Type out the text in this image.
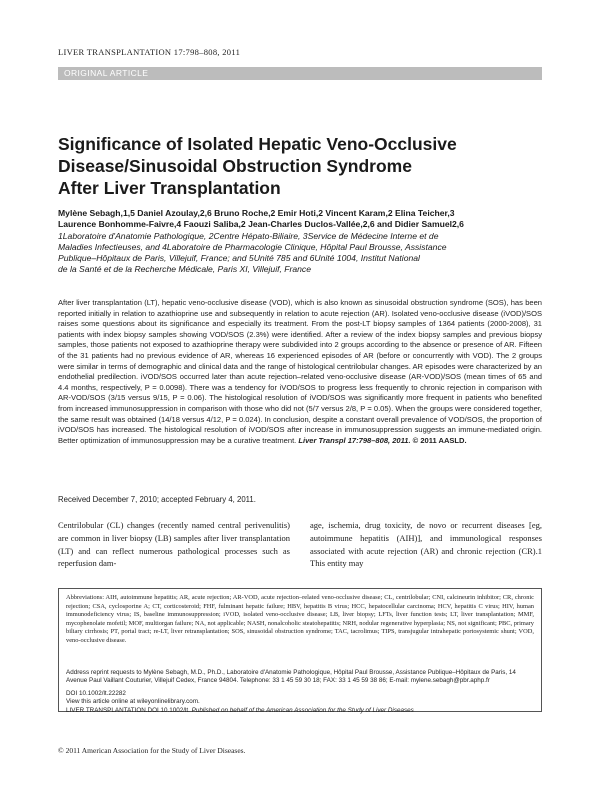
LIVER TRANSPLANTATION 17:798–808, 2011
ORIGINAL ARTICLE
Significance of Isolated Hepatic Veno-Occlusive
Disease/Sinusoidal Obstruction Syndrome
After Liver Transplantation
Mylène Sebagh,1,5 Daniel Azoulay,2,6 Bruno Roche,2 Emir Hoti,2 Vincent Karam,2 Elina Teicher,3
Laurence Bonhomme-Faivre,4 Faouzi Saliba,2 Jean-Charles Duclos-Vallée,2,6 and Didier Samuel2,6
1Laboratoire d'Anatomie Pathologique, 2Centre Hépato-Biliaire, 3Service de Médecine Interne et de
Maladies Infectieuses, and 4Laboratoire de Pharmacologie Clinique, Hôpital Paul Brousse, Assistance
Publique–Hôpitaux de Paris, Villejuif, France; and 5Unité 785 and 6Unité 1004, Institut National
de la Santé et de la Recherche Médicale, Paris XI, Villejuif, France
After liver transplantation (LT), hepatic veno-occlusive disease (VOD), which is also known as sinusoidal obstruction syndrome (SOS), has been reported initially in relation to azathioprine use and subsequently in relation to acute rejection (AR). Isolated veno-occlusive disease (iVOD)/SOS raises some questions about its significance and especially its treatment. From the post-LT biopsy samples of 1364 patients (2000-2008), 31 patients with index biopsy samples showing VOD/SOS (2.3%) were identified. After a review of the index biopsy samples and previous biopsy samples, those patients not exposed to azathioprine therapy were subdivided into 2 groups according to the absence or presence of AR. Fifteen of the 31 patients had no previous evidence of AR, whereas 16 experienced episodes of AR (before or concurrently with VOD). The 2 groups were similar in terms of demographic and clinical data and the range of histological centrilobular changes. AR episodes were characterized by an endothelial predilection. iVOD/SOS occurred later than acute rejection–related veno-occlusive disease (AR-VOD)/SOS (mean times of 65 and 4.4 months, respectively, P = 0.0098). There was a tendency for iVOD/SOS to progress less frequently to chronic rejection in comparison with AR-VOD/SOS (3/15 versus 9/15, P = 0.06). The histological resolution of iVOD/SOS was significantly more frequent in patients who benefited from increased immunosuppression in comparison with those who did not (5/7 versus 2/8, P = 0.05). When the groups were considered together, the same result was obtained (14/18 versus 4/12, P = 0.024). In conclusion, despite a constant overall prevalence of VOD/SOS, the proportion of iVOD/SOS has increased. The histological resolution of iVOD/SOS after increase in immunosuppression suggests an immune-mediated origin. Better optimization of immunosuppression may be a curative treatment. Liver Transpl 17:798–808, 2011. © 2011 AASLD.
Received December 7, 2010; accepted February 4, 2011.
Centrilobular (CL) changes (recently named central perivenulitis) are common in liver biopsy (LB) samples after liver transplantation (LT) and can reflect numerous pathological processes such as reperfusion dam-
age, ischemia, drug toxicity, de novo or recurrent diseases [eg, autoimmune hepatitis (AIH)], and immunological responses associated with acute rejection (AR) and chronic rejection (CR).1 This entity may
Abbreviations: AIH, autoimmune hepatitis; AR, acute rejection; AR-VOD, acute rejection–related veno-occlusive disease; CL, centrilobular; CNI, calcineurin inhibitor; CR, chronic rejection; CSA, cyclosporine A; CT, corticosteroid; FHF, fulminant hepatic failure; HBV, hepatitis B virus; HCC, hepatocellular carcinoma; HCV, hepatitis C virus; HIV, human immunodeficiency virus; IS, baseline immunosuppression; iVOD, isolated veno-occlusive disease; LB, liver biopsy; LFTs, liver function tests; LT, liver transplantation; MMF, mycophenolate mofetil; MOF, multiorgan failure; NA, not applicable; NASH, nonalcoholic steatohepatitis; NRH, nodular regenerative hyperplasia; NS, not significant; PBC, primary biliary cirrhosis; PT, portal tract; re-LT, liver retransplantation; SOS, sinusoidal obstruction syndrome; TAC, tacrolimus; TIPS, transjugular intrahepatic portosystemic shunt; VOD, veno-occlusive disease.
Address reprint requests to Mylène Sebagh, M.D., Ph.D., Laboratoire d'Anatomie Pathologique, Hôpital Paul Brousse, Assistance Publique–Hôpitaux de Paris, 14 Avenue Paul Vaillant Couturier, Villejuif Cedex, France 94804. Telephone: 33 1 45 59 30 18; FAX: 33 1 45 59 38 86; E-mail: mylene.sebagh@pbr.aphp.fr
DOI 10.1002/lt.22282
View this article online at wileyonlinelibrary.com.
LIVER TRANSPLANTATION.DOI 10.1002/lt. Published on behalf of the American Association for the Study of Liver Diseases
© 2011 American Association for the Study of Liver Diseases.
